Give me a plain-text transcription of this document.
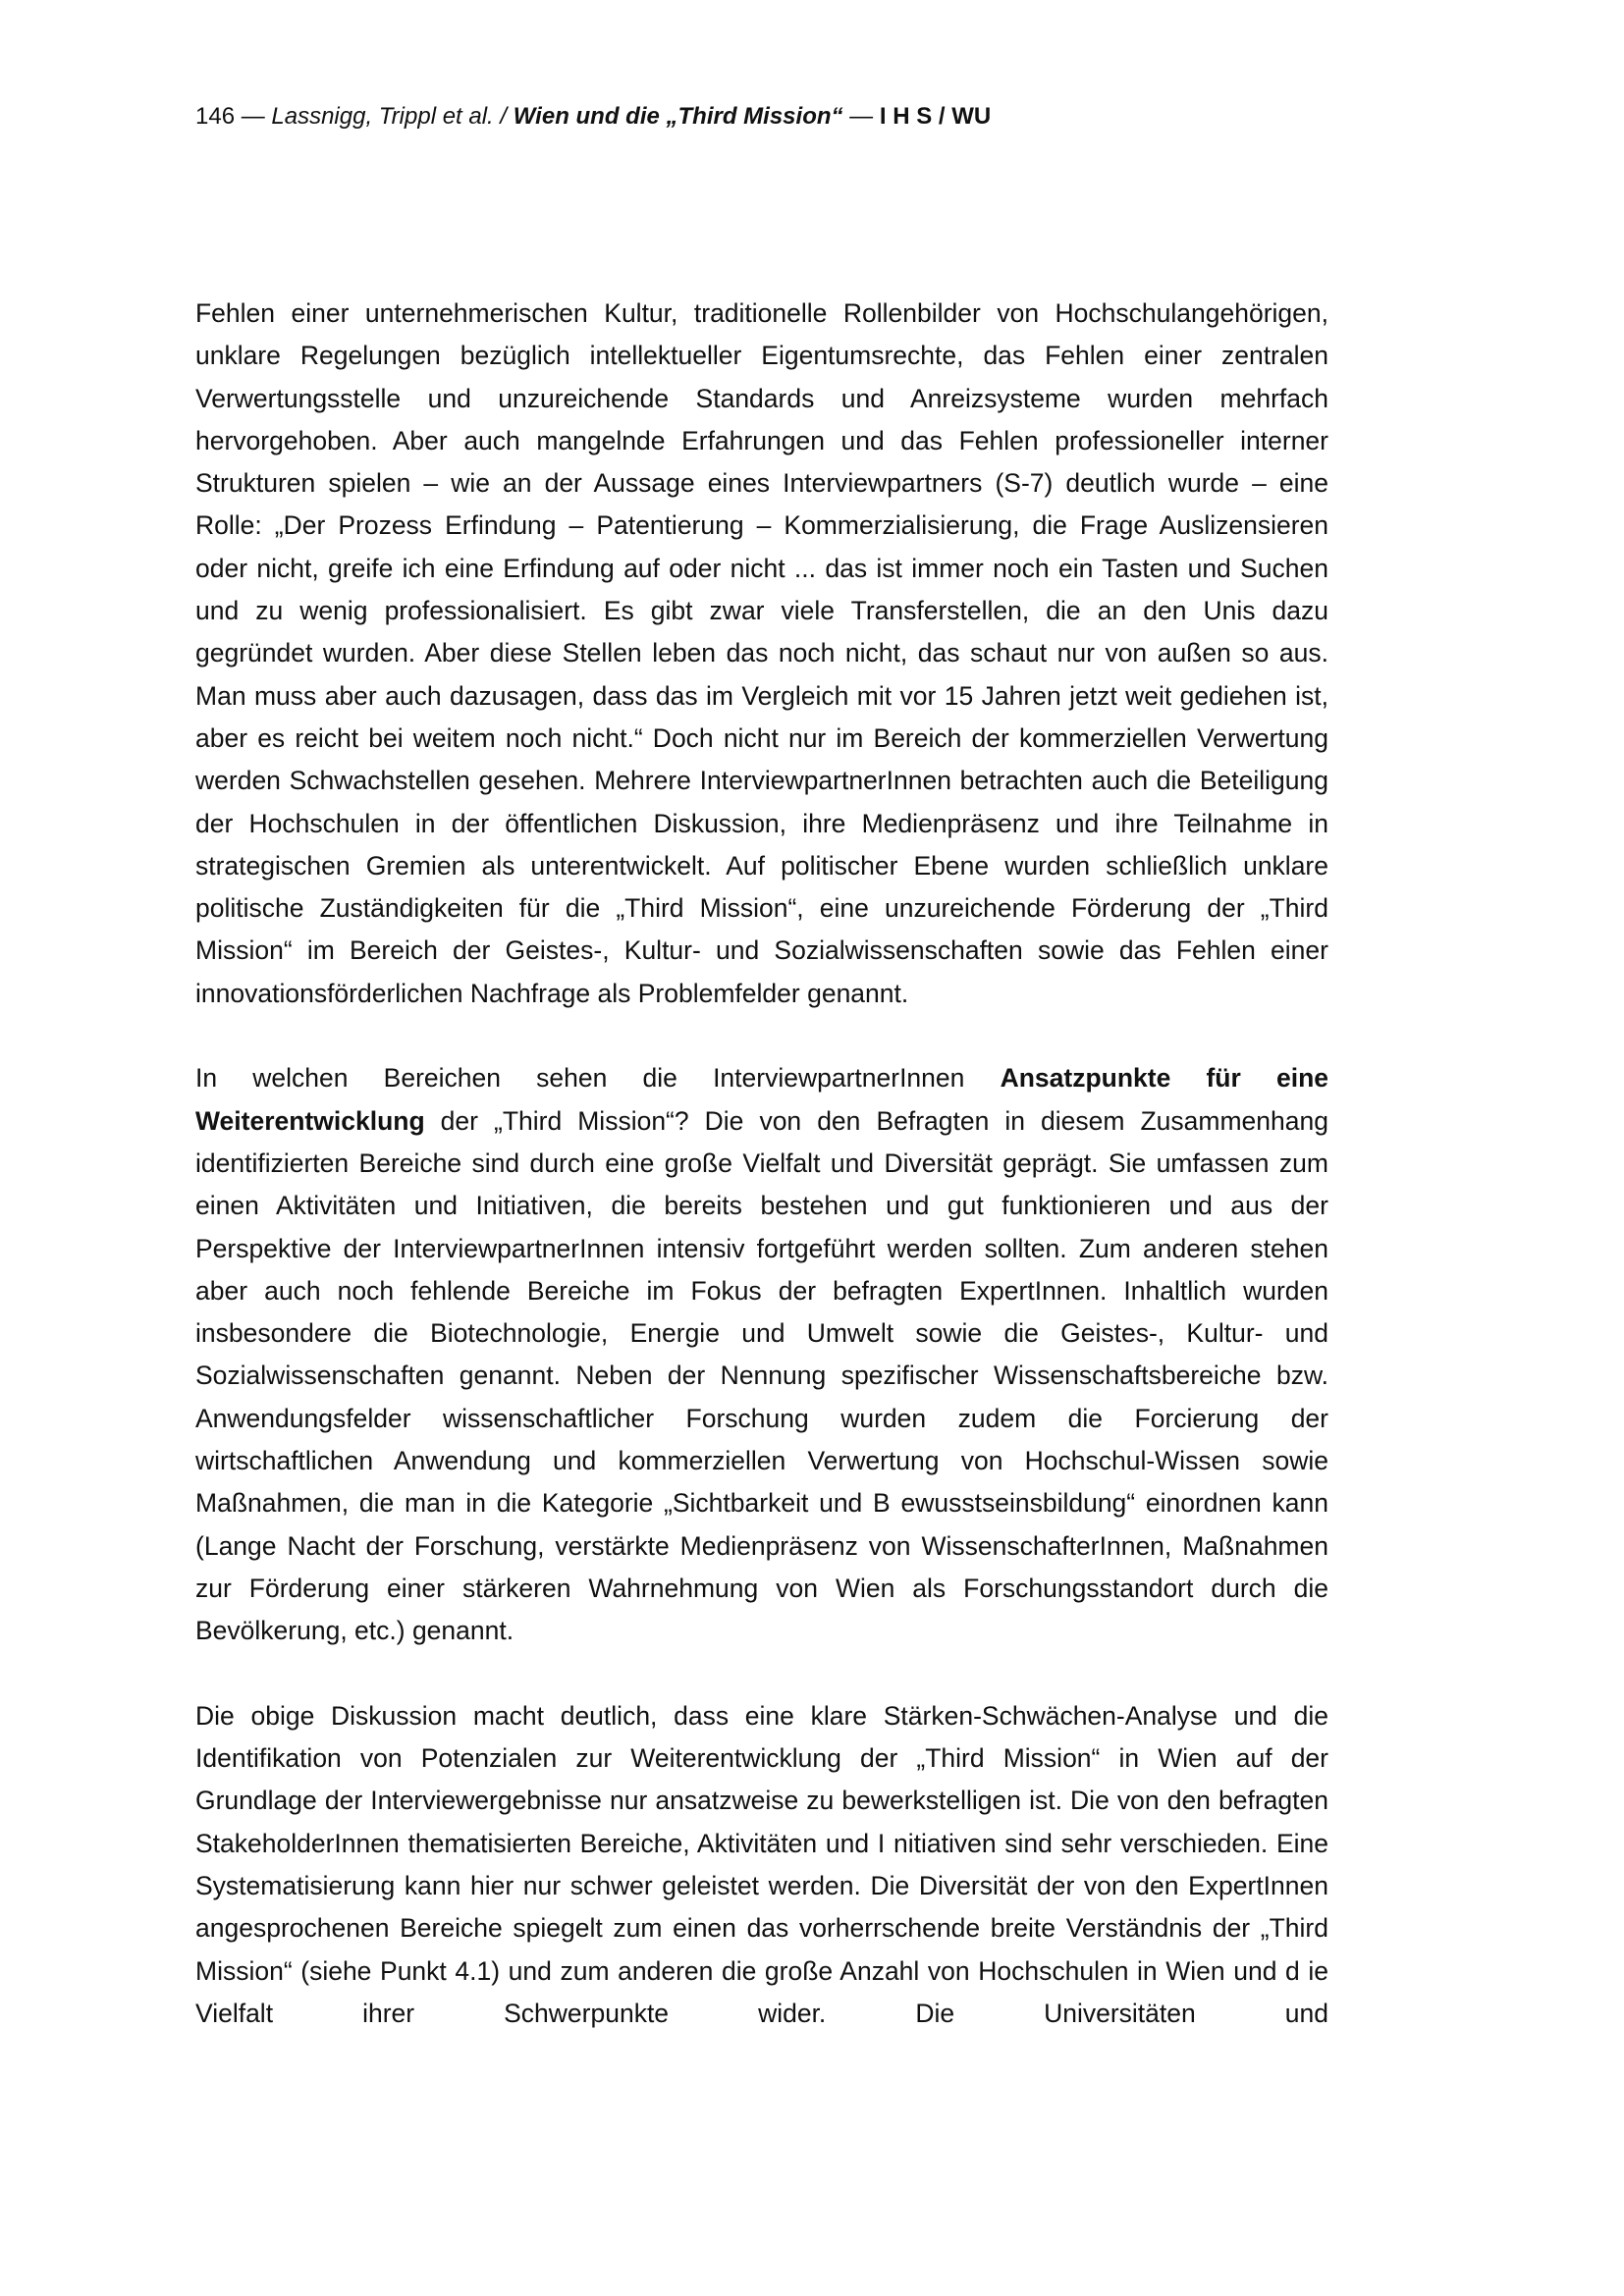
146 — Lassnigg, Trippl et al. / Wien und die „Third Mission“ — I H S / WU

Fehlen einer unternehmerischen Kultur, traditionelle Rollenbilder von Hochschulangehörigen, unklare Regelungen bezüglich intellektueller Eigentumsrechte, das Fehlen einer zentralen Verwertungsstelle und unzureichende Standards und Anreizsysteme wurden mehrfach hervorgehoben. Aber auch mangelnde Erfahrungen und das Fehlen professioneller interner Strukturen spielen – wie an der Aussage eines Interviewpartners (S-7) deutlich wurde – eine Rolle: „Der Prozess Erfindung – Patentierung – Kommerzialisierung, die Frage Auslizensieren oder nicht, greife ich eine Erfindung auf oder nicht ... das ist immer noch ein Tasten und Suchen und zu wenig professionalisiert. Es gibt zwar viele Transferstellen, die an den Unis dazu gegründet wurden. Aber diese Stellen leben das noch nicht, das schaut nur von außen so aus. Man muss aber auch dazusagen, dass das im Vergleich mit vor 15 Jahren jetzt weit gediehen ist, aber es reicht bei weitem noch nicht.“ Doch nicht nur im Bereich der kommerziellen Verwertung werden Schwachstellen gesehen. Mehrere InterviewpartnerInnen betrachten auch die Beteiligung der Hochschulen in der öffentlichen Diskussion, ihre Medienpräsenz und ihre Teilnahme in strategischen Gremien als unterentwickelt. Auf politischer Ebene wurden schließlich unklare politische Zuständigkeiten für die „Third Mission“, eine unzureichende Förderung der „Third Mission“ im Bereich der Geistes-, Kultur- und Sozialwissenschaften sowie das Fehlen einer innovationsförderlichen Nachfrage als Problemfelder genannt.

In welchen Bereichen sehen die InterviewpartnerInnen Ansatzpunkte für eine Weiterentwicklung der „Third Mission“? Die von den Befragten in diesem Zusammenhang identifizierten Bereiche sind durch eine große Vielfalt und Diversität geprägt. Sie umfassen zum einen Aktivitäten und Initiativen, die bereits bestehen und gut funktionieren und aus der Perspektive der InterviewpartnerInnen intensiv fortgeführt werden sollten. Zum anderen stehen aber auch noch fehlende Bereiche im Fokus der befragten ExpertInnen. Inhaltlich wurden insbesondere die Biotechnologie, Energie und Umwelt sowie die Geistes-, Kultur- und Sozialwissenschaften genannt. Neben der Nennung spezifischer Wissenschaftsbereiche bzw. Anwendungsfelder wissenschaftlicher Forschung wurden zudem die Forcierung der wirtschaftlichen Anwendung und kommerziellen Verwertung von Hochschul-Wissen sowie Maßnahmen, die man in die Kategorie „Sichtbarkeit und B ewusstseinsbildung“ einordnen kann (Lange Nacht der Forschung, verstärkte Medienpräsenz von WissenschafterInnen, Maßnahmen zur Förderung einer stärkeren Wahrnehmung von Wien als Forschungsstandort durch die Bevölkerung, etc.) genannt.

Die obige Diskussion macht deutlich, dass eine klare Stärken-Schwächen-Analyse und die Identifikation von Potenzialen zur Weiterentwicklung der „Third Mission“ in Wien auf der Grundlage der Interviewergebnisse nur ansatzweise zu bewerkstelligen ist. Die von den befragten StakeholderInnen thematisierten Bereiche, Aktivitäten und I nitiativen sind sehr verschieden. Eine Systematisierung kann hier nur schwer geleistet werden. Die Diversität der von den ExpertInnen angesprochenen Bereiche spiegelt zum einen das vorherrschende breite Verständnis der „Third Mission“ (siehe Punkt 4.1) und zum anderen die große Anzahl von Hochschulen in Wien und d ie Vielfalt ihrer Schwerpunkte wider. Die Universitäten und
